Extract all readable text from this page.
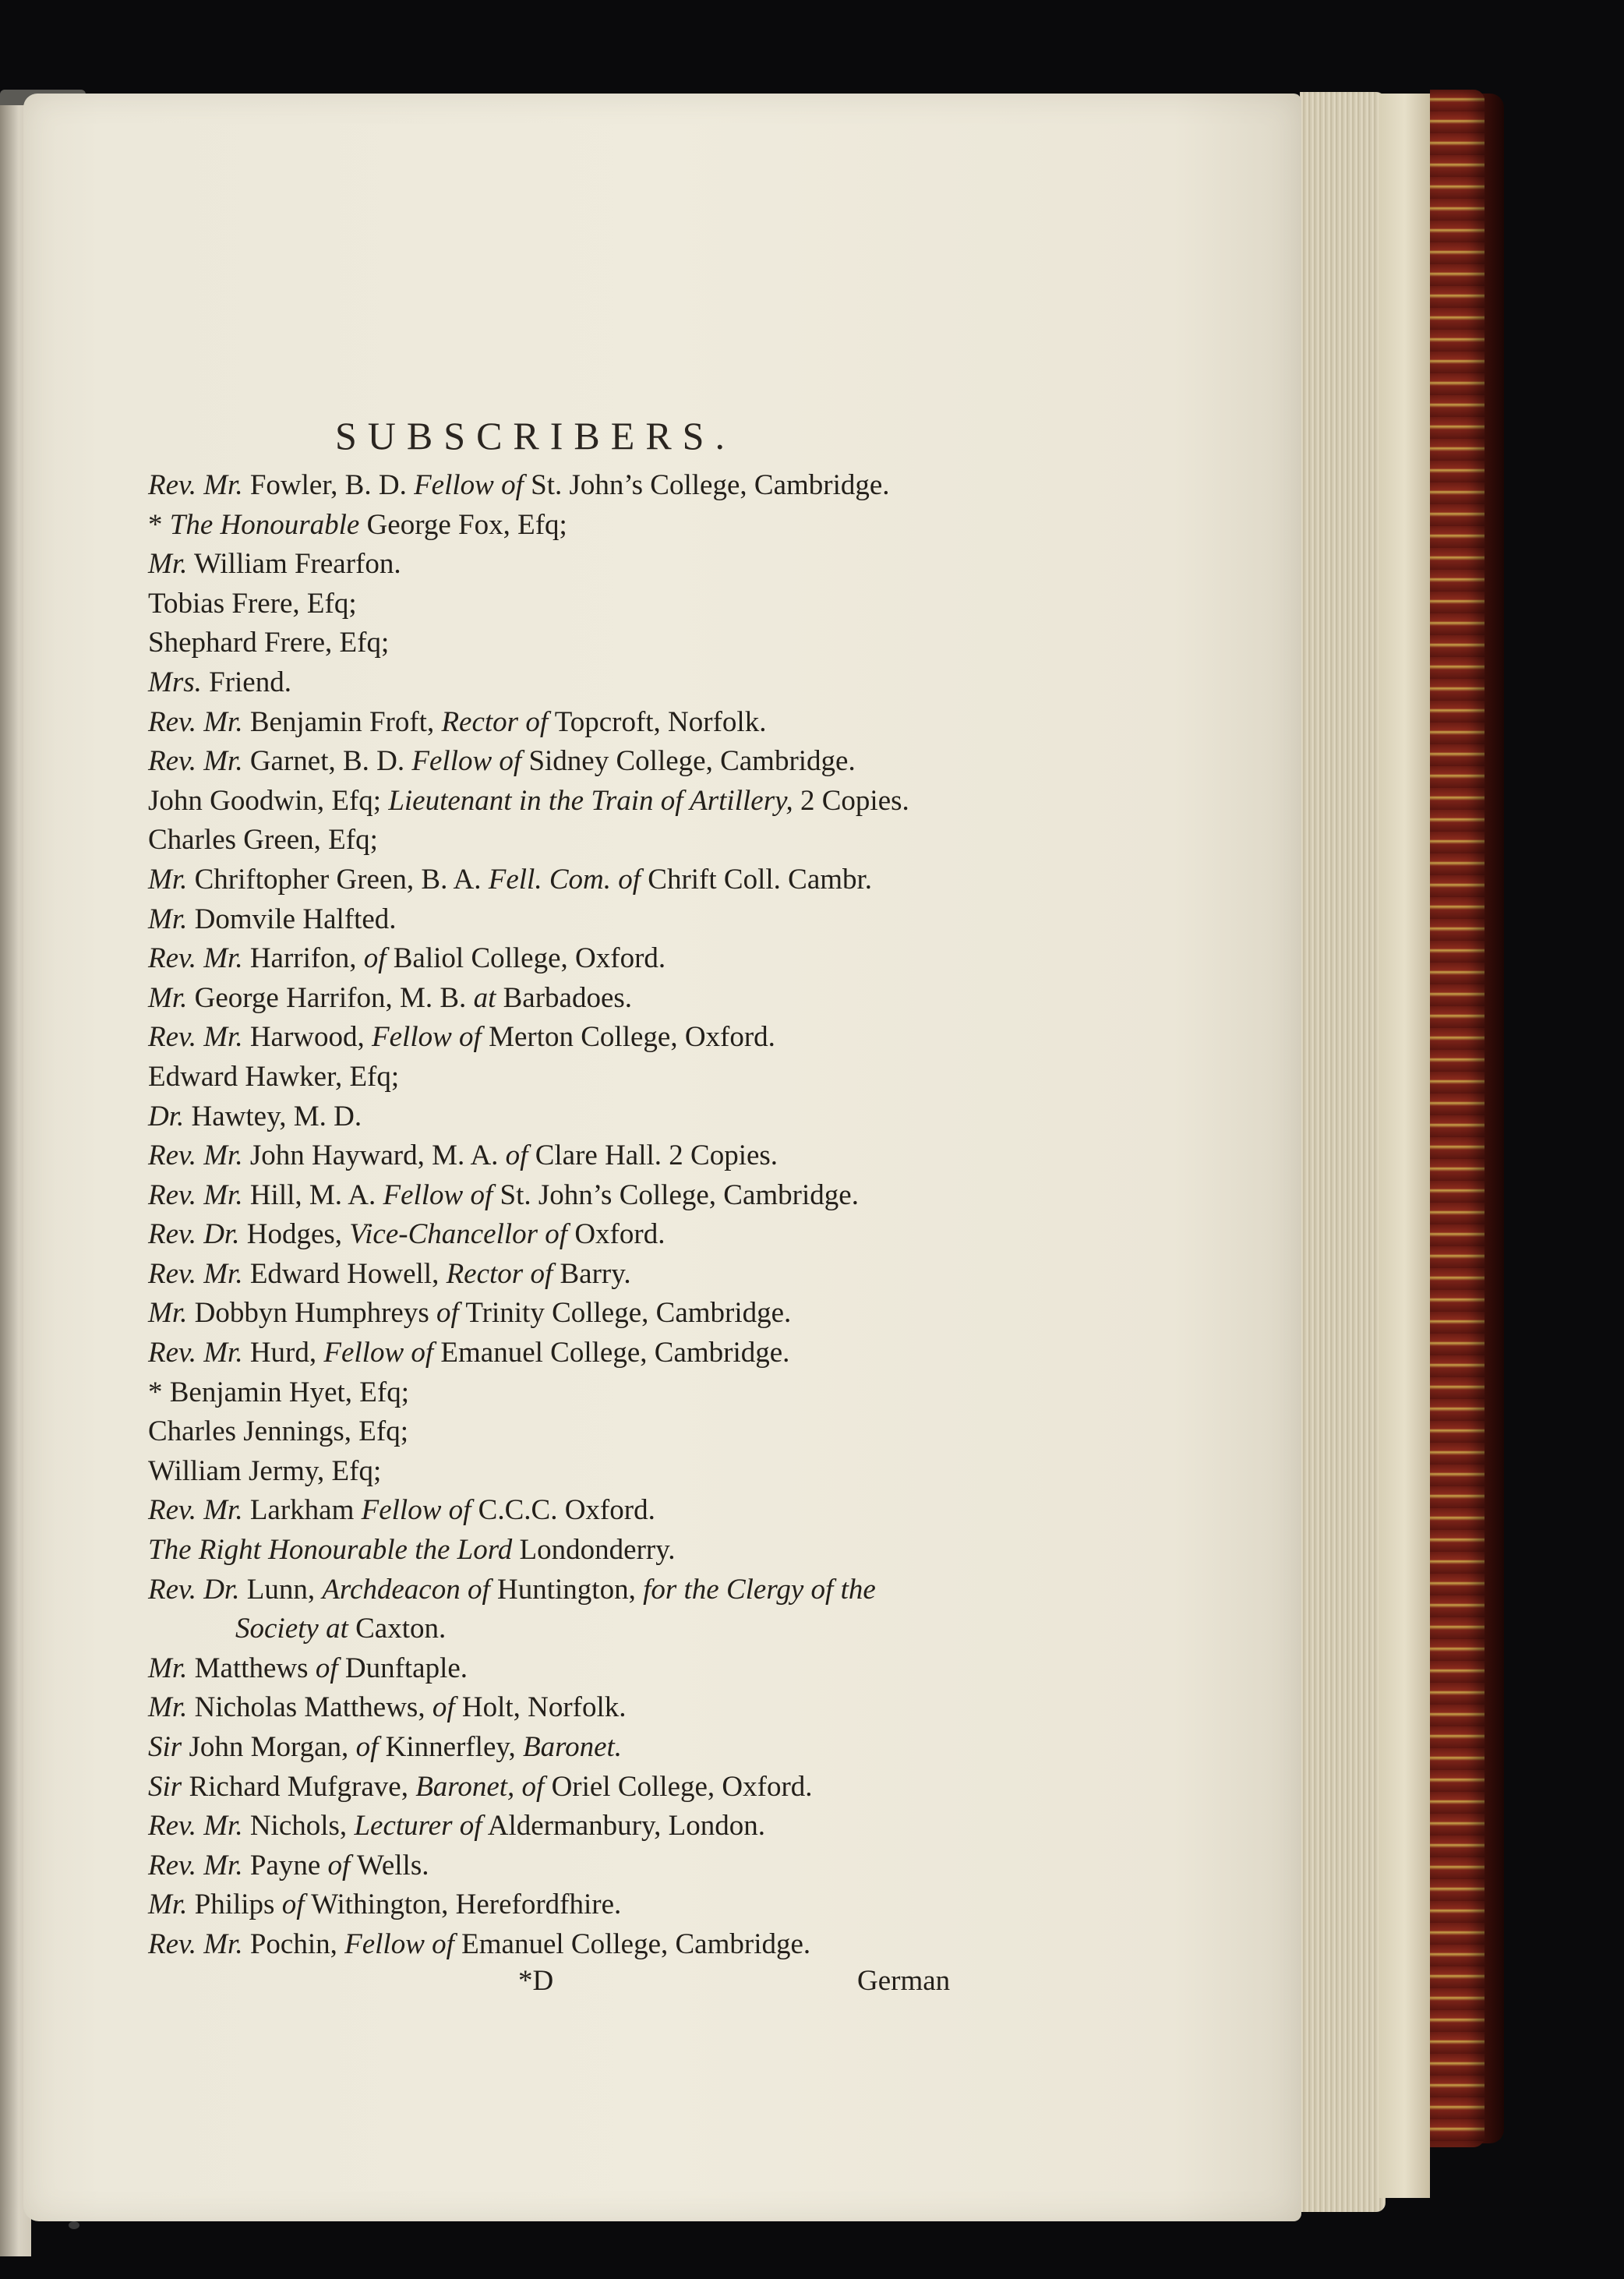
SUBSCRIBERS.
Rev. Mr. Fowler, B. D. Fellow of St. John’s College, Cambridge.
* The Honourable George Fox, Efq;
Mr. William Frearfon.
Tobias Frere, Efq;
Shephard Frere, Efq;
Mrs. Friend.
Rev. Mr. Benjamin Froft, Rector of Topcroft, Norfolk.
Rev. Mr. Garnet, B. D. Fellow of Sidney College, Cambridge.
John Goodwin, Efq; Lieutenant in the Train of Artillery, 2 Copies.
Charles Green, Efq;
Mr. Chriftopher Green, B. A. Fell. Com. of Chrift Coll. Cambr.
Mr. Domvile Halfted.
Rev. Mr. Harrifon, of Baliol College, Oxford.
Mr. George Harrifon, M. B. at Barbadoes.
Rev. Mr. Harwood, Fellow of Merton College, Oxford.
Edward Hawker, Efq;
Dr. Hawtey, M. D.
Rev. Mr. John Hayward, M. A. of Clare Hall. 2 Copies.
Rev. Mr. Hill, M. A. Fellow of St. John’s College, Cambridge.
Rev. Dr. Hodges, Vice-Chancellor of Oxford.
Rev. Mr. Edward Howell, Rector of Barry.
Mr. Dobbyn Humphreys of Trinity College, Cambridge.
Rev. Mr. Hurd, Fellow of Emanuel College, Cambridge.
* Benjamin Hyet, Efq;
Charles Jennings, Efq;
William Jermy, Efq;
Rev. Mr. Larkham Fellow of C.C.C. Oxford.
The Right Honourable the Lord Londonderry.
Rev. Dr. Lunn, Archdeacon of Huntington, for the Clergy of the
Society at Caxton.
Mr. Matthews of Dunftaple.
Mr. Nicholas Matthews, of Holt, Norfolk.
Sir John Morgan, of Kinnerfley, Baronet.
Sir Richard Mufgrave, Baronet, of Oriel College, Oxford.
Rev. Mr. Nichols, Lecturer of Aldermanbury, London.
Rev. Mr. Payne of Wells.
Mr. Philips of Withington, Herefordfhire.
Rev. Mr. Pochin, Fellow of Emanuel College, Cambridge.
*D	German
